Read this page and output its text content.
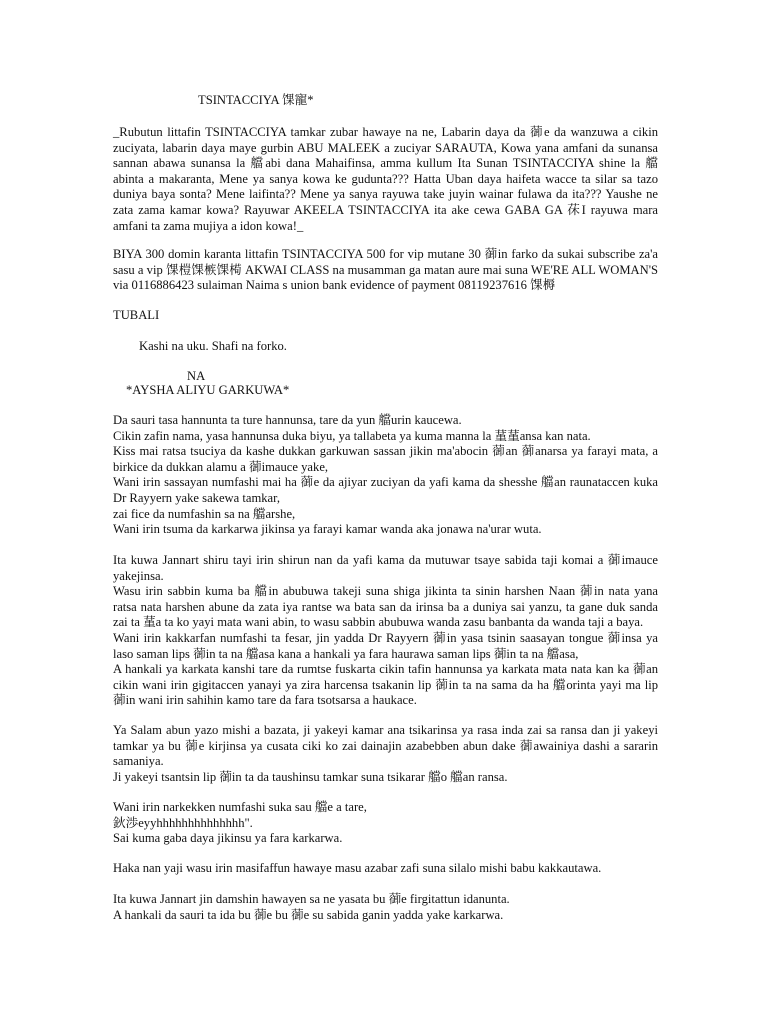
TSINTACCIYA 馃寵*
_Rubutun littafin TSINTACCIYA tamkar zubar hawaye na ne, Labarin daya da 蓹e da wanzuwa a cikin
zuciyata, labarin daya maye gurbin ABU MALEEK a zuciyar SARAUTA, Kowa yana amfani da sunansa
sannan abawa sunansa la 艡abi dana Mahaifinsa, amma kullum Ita Sunan TSINTACCIYA shine la 艡
abinta a makaranta, Mene ya sanya kowa ke gudunta??? Hatta Uban daya haifeta wacce ta silar sa tazo
duniya baya sonta? Mene laifinta?? Mene ya sanya rayuwa take juyin wainar fulawa da ita??? Yaushe ne
zata zama kamar kowa? Rayuwar AKEELA TSINTACCIYA ita ake cewa GABA GA 茠I rayuwa mara
amfani ta zama mujiya a idon kowa!_
BIYA 300 domin karanta littafin TSINTACCIYA 500 for vip mutane 30 蓹in farko da sukai subscribe za'a
sasu a vip 馃榿馃槉馃槆 AKWAI CLASS na musamman ga matan aure mai suna WE'RE ALL WOMAN'S
via 0116886423 sulaiman Naima s union bank evidence of payment 08119237616 馃槈
TUBALI
Kashi na uku. Shafi na forko.
NA
*AYSHA ALIYU GARKUWA*
Da sauri tasa hannunta ta ture hannunsa, tare da yun 艡urin kaucewa.
Cikin zafin nama, yasa hannunsa duka biyu, ya tallabeta ya kuma manna la 蓳蓳ansa kan nata.
Kiss mai ratsa tsuciya da kashe dukkan garkuwan sassan jikin ma'abocin 蓹an 蓹anarsa ya farayi mata, a
birkice da dukkan alamu a 蓹imauce yake,
Wani irin sassayan numfashi mai ha 蓹e da ajiyar zuciyan da yafi kama da shesshe 艡an raunataccen kuka
Dr Rayyern yake sakewa tamkar,
zai fice da numfashin sa na 艡arshe,
Wani irin tsuma da karkarwa jikinsa ya farayi kamar wanda aka jonawa na'urar wuta.
Ita kuwa Jannart shiru tayi irin shirun nan da yafi kama da mutuwar tsaye sabida taji komai a 蓹imauce
yakejinsa.
Wasu irin sabbin kuma ba 艡in abubuwa takeji suna shiga jikinta ta sinin harshen Naan 蓹in nata yana
ratsa nata harshen abune da zata iya rantse wa bata san da irinsa ba a duniya sai yanzu, ta gane duk sanda
zai ta 蓳a ta ko yayi mata wani abin, to wasu sabbin abubuwa wanda zasu banbanta da wanda taji a baya.
Wani irin kakkarfan numfashi ta fesar, jin yadda Dr Rayyern 蓹in yasa tsinin saasayan tongue 蓹insa ya
laso saman lips 蓹in ta na 艡asa kana a hankali ya fara haurawa saman lips 蓹in ta na 艡asa,
A hankali ya karkata kanshi tare da rumtse fuskarta cikin tafin hannunsa ya karkata mata nata kan ka 蓹an
cikin wani irin gigitaccen yanayi ya zira harcensa tsakanin lip 蓹in ta na sama da ha 艡orinta yayi ma lip
蓹in wani irin sahihin kamo tare da fara tsotsarsa a haukace.
Ya Salam abun yazo mishi a bazata, ji yakeyi kamar ana tsikarinsa ya rasa inda zai sa ransa dan ji yakeyi
tamkar ya bu 蓹e kirjinsa ya cusata ciki ko zai dainajin azabebben abun dake 蓹awainiya dashi a sararin
samaniya.
Ji yakeyi tsantsin lip 蓹in ta da taushinsu tamkar suna tsikarar 艡o 艡an ransa.
Wani irin narkekken numfashi suka sau 艡e a tare,
鈥渉eyyhhhhhhhhhhhhhh".
Sai kuma gaba daya jikinsu ya fara karkarwa.
Haka nan yaji wasu irin masifaffun hawaye masu azabar zafi suna silalo mishi babu kakkautawa.
Ita kuwa Jannart jin damshin hawayen sa ne yasata bu 蓹e firgitattun idanunta.
A hankali da sauri ta ida bu 蓹e bu 蓹e su sabida ganin yadda yake karkarwa.
